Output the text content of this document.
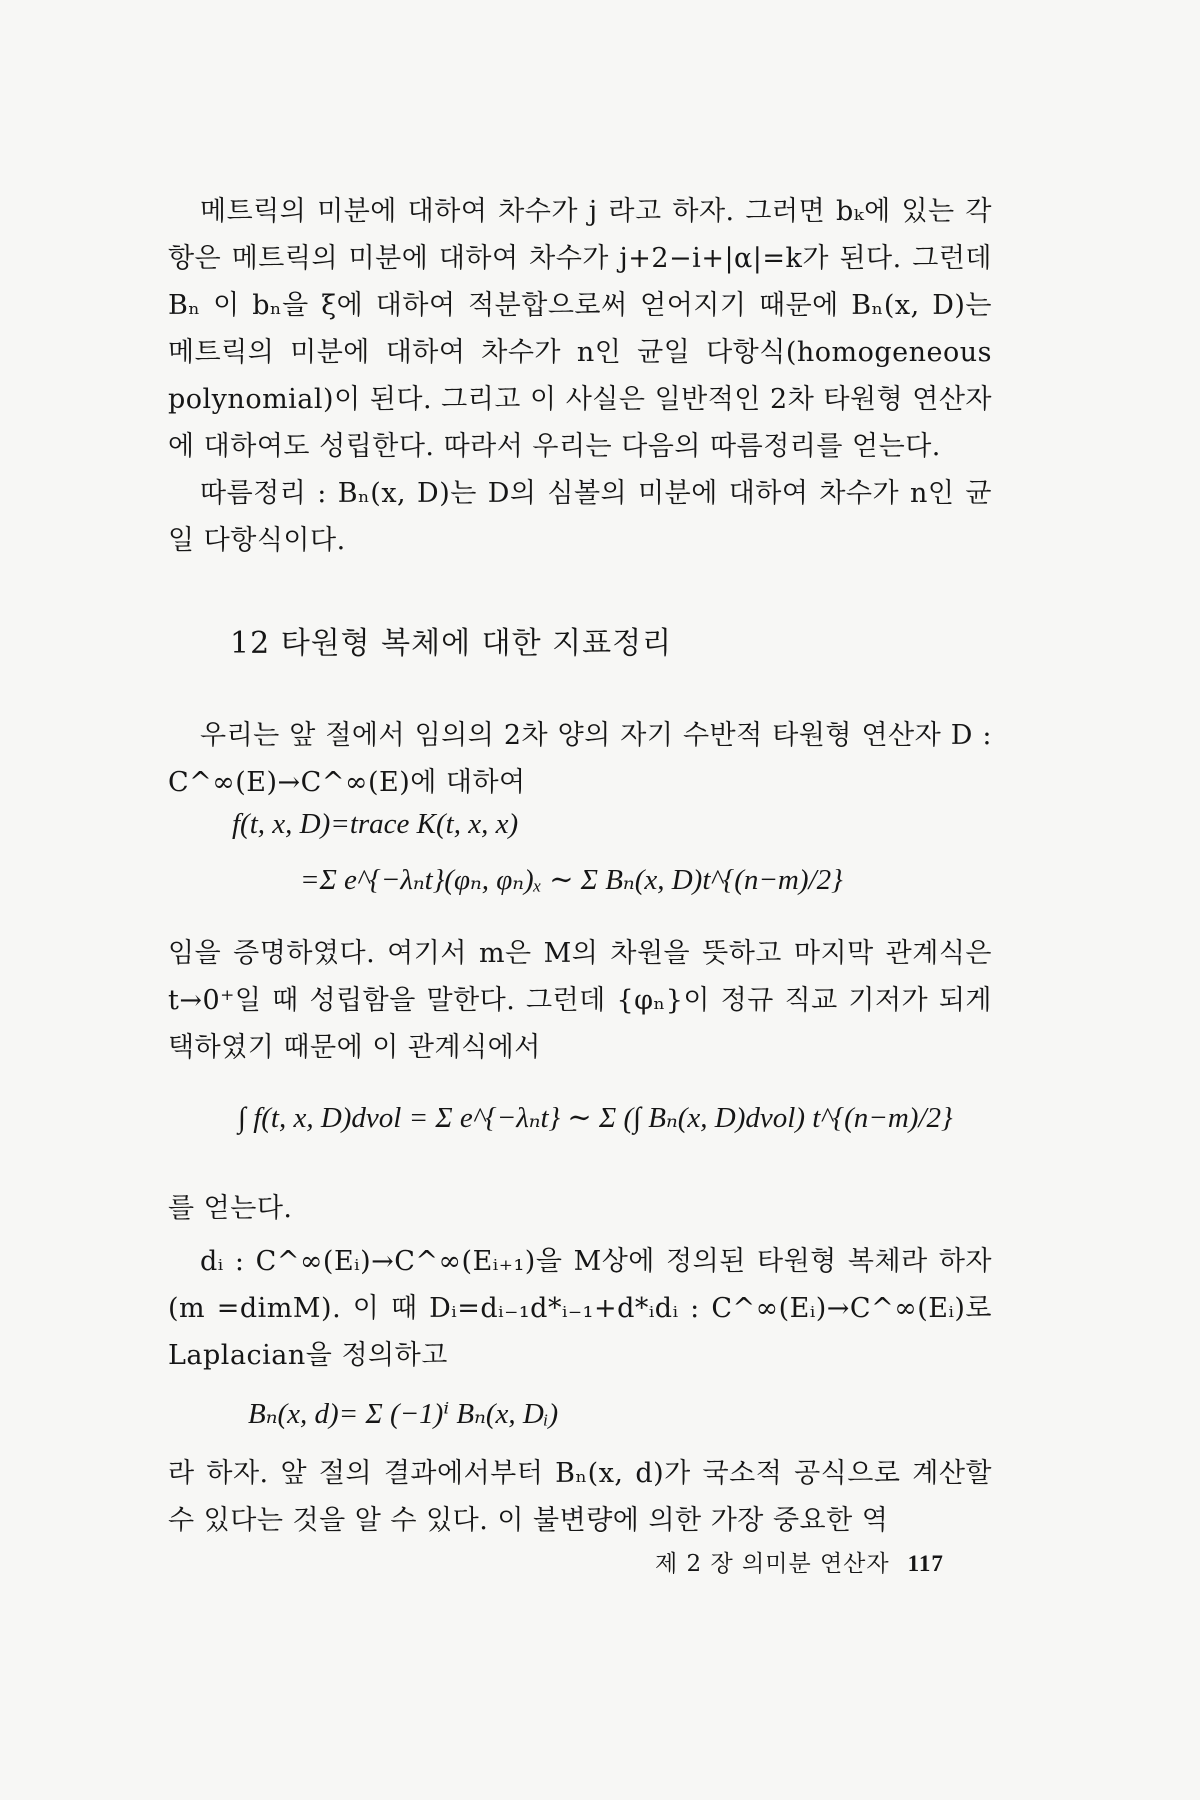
메트릭의 미분에 대하여 차수가 j 라고 하자. 그러면 bₖ에 있는 각 항은 메트릭의 미분에 대하여 차수가 j+2−i+|α|=k가 된다. 그런데 Bₙ 이 bₙ을 ξ에 대하여 적분합으로써 얻어지기 때문에 Bₙ(x, D)는 메트릭의 미분에 대하여 차수가 n인 균일 다항식(homogeneous polynomial)이 된다. 그리고 이 사실은 일반적인 2차 타원형 연산자에 대하여도 성립한다. 따라서 우리는 다음의 따름정리를 얻는다.

따름정리 : Bₙ(x, D)는 D의 심볼의 미분에 대하여 차수가 n인 균일 다항식이다.

12 타원형 복체에 대한 지표정리

우리는 앞 절에서 임의의 2차 양의 자기 수반적 타원형 연산자 D : C^∞(E)→C^∞(E)에 대하여

f(t, x, D)=trace K(t, x, x)
=Σ e^{−λₙt}(φₙ, φₙ)ₓ ∼ Σ Bₙ(x, D)t^{(n−m)/2}

임을 증명하였다. 여기서 m은 M의 차원을 뜻하고 마지막 관계식은 t→0⁺일 때 성립함을 말한다. 그런데 {φₙ}이 정규 직교 기저가 되게 택하였기 때문에 이 관계식에서

∫ f(t, x, D)dvol = Σ e^{−λₙt} ∼ Σ (∫ Bₙ(x, D)dvol) t^{(n−m)/2}

를 얻는다.

dᵢ : C^∞(Eᵢ)→C^∞(Eᵢ₊₁)을 M상에 정의된 타원형 복체라 하자(m =dimM). 이 때 Dᵢ=dᵢ₋₁d*ᵢ₋₁+d*ᵢdᵢ : C^∞(Eᵢ)→C^∞(Eᵢ)로 Laplacian을 정의하고

Bₙ(x, d)= Σ (−1)ⁱ Bₙ(x, Dᵢ)

라 하자. 앞 절의 결과에서부터 Bₙ(x, d)가 국소적 공식으로 계산할 수 있다는 것을 알 수 있다. 이 불변량에 의한 가장 중요한 역

제 2 장 의미분 연산자 117
